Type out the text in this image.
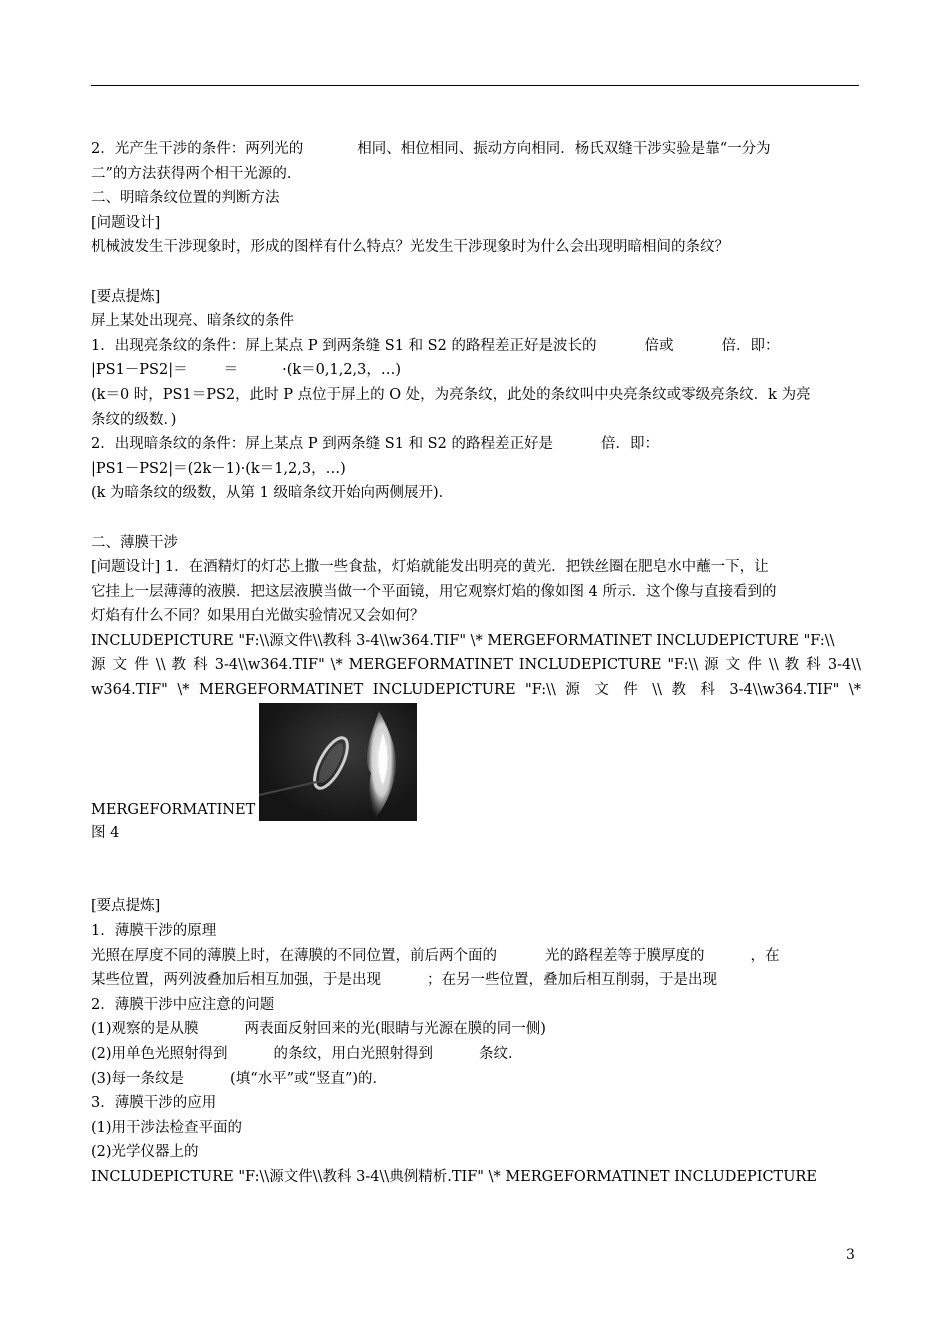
2．光产生干涉的条件：两列光的	相同、相位相同、振动方向相同．杨氏双缝干涉实验是靠“一分为
二”的方法获得两个相干光源的．
二、明暗条纹位置的判断方法
[问题设计]
机械波发生干涉现象时，形成的图样有什么特点？光发生干涉现象时为什么会出现明暗相间的条纹？
[要点提炼]
屏上某处出现亮、暗条纹的条件
1．出现亮条纹的条件：屏上某点 P 到两条缝 S1 和 S2 的路程差正好是波长的	倍或	倍．即：
|PS1－PS2|＝ ＝	·(k＝0,1,2,3，…)
(k＝0 时，PS1＝PS2，此时 P 点位于屏上的 O 处，为亮条纹，此处的条纹叫中央亮条纹或零级亮条纹．k 为亮
条纹的级数．)
2．出现暗条纹的条件：屏上某点 P 到两条缝 S1 和 S2 的路程差正好是	倍．即：
|PS1－PS2|＝(2k－1)·(k＝1,2,3，…)
(k 为暗条纹的级数，从第 1 级暗条纹开始向两侧展开)．
二、薄膜干涉
[问题设计] 1．在酒精灯的灯芯上撒一些食盐，灯焰就能发出明亮的黄光．把铁丝圈在肥皂水中蘸一下，让
它挂上一层薄薄的液膜．把这层液膜当做一个平面镜，用它观察灯焰的像如图 4 所示．这个像与直接看到的
灯焰有什么不同？如果用白光做实验情况又会如何？
INCLUDEPICTURE "F:\\源文件\\教科 3-4\\w364.TIF" \* MERGEFORMATINET INCLUDEPICTURE "F:\\
源 文 件 \\ 教 科 3-4\\w364.TIF" \* MERGEFORMATINET INCLUDEPICTURE "F:\\ 源 文 件 \\ 教 科 3-4\\
w364.TIF" \* MERGEFORMATINET INCLUDEPICTURE "F:\\ 源 文 件 \\ 教 科 3-4\\w364.TIF" \*
MERGEFORMATINET
图 4
[要点提炼]
1．薄膜干涉的原理
光照在厚度不同的薄膜上时，在薄膜的不同位置，前后两个面的	光的路程差等于膜厚度的	，在
某些位置，两列波叠加后相互加强，于是出现	；在另一些位置，叠加后相互削弱，于是出现
2．薄膜干涉中应注意的问题
(1)观察的是从膜	两表面反射回来的光(眼睛与光源在膜的同一侧)
(2)用单色光照射得到	的条纹，用白光照射得到	条纹．
(3)每一条纹是	(填“水平”或“竖直”)的．
3．薄膜干涉的应用
(1)用干涉法检查平面的
(2)光学仪器上的
INCLUDEPICTURE "F:\\源文件\\教科 3-4\\典例精析.TIF" \* MERGEFORMATINET INCLUDEPICTURE
3
